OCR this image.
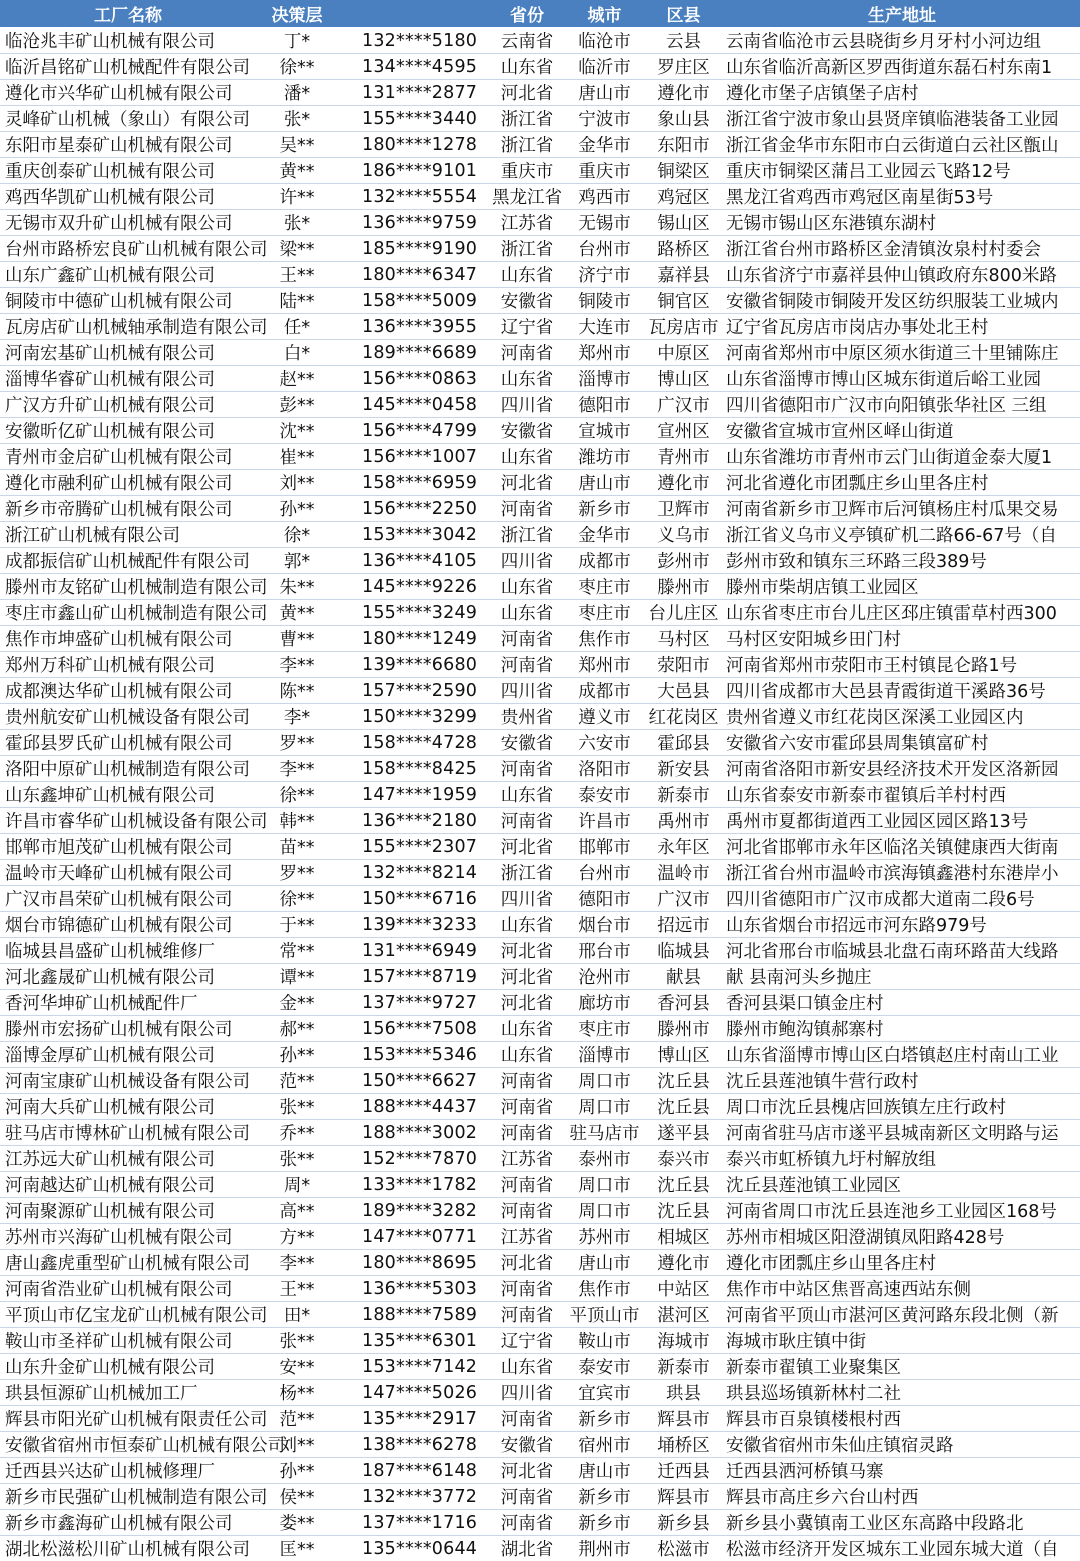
工厂名称	决策层		省份	城市	区县	生产地址
临沧兆丰矿山机械有限公司	丁*	132****5180	云南省	临沧市	云县	云南省临沧市云县晓街乡月牙村小河边组
临沂昌铭矿山机械配件有限公司	徐**	134****4595	山东省	临沂市	罗庄区	山东省临沂高新区罗西街道东磊石村东南1
遵化市兴华矿山机械有限公司	潘*	131****2877	河北省	唐山市	遵化市	遵化市堡子店镇堡子店村
灵峰矿山机械（象山）有限公司	张*	155****3440	浙江省	宁波市	象山县	浙江省宁波市象山县贤庠镇临港装备工业园
东阳市星泰矿山机械有限公司	吴**	180****1278	浙江省	金华市	东阳市	浙江省金华市东阳市白云街道白云社区甑山
重庆创泰矿山机械有限公司	黄**	186****9101	重庆市	重庆市	铜梁区	重庆市铜梁区蒲吕工业园云飞路12号
鸡西华凯矿山机械有限公司	许**	132****5554	黑龙江省	鸡西市	鸡冠区	黑龙江省鸡西市鸡冠区南星街53号
无锡市双升矿山机械有限公司	张*	136****9759	江苏省	无锡市	锡山区	无锡市锡山区东港镇东湖村
台州市路桥宏良矿山机械有限公司	梁**	185****9190	浙江省	台州市	路桥区	浙江省台州市路桥区金清镇汝泉村村委会
山东广鑫矿山机械有限公司	王**	180****6347	山东省	济宁市	嘉祥县	山东省济宁市嘉祥县仲山镇政府东800米路
铜陵市中德矿山机械有限公司	陆**	158****5009	安徽省	铜陵市	铜官区	安徽省铜陵市铜陵开发区纺织服装工业城内
瓦房店矿山机械轴承制造有限公司	任*	136****3955	辽宁省	大连市	瓦房店市	辽宁省瓦房店市岗店办事处北王村
河南宏基矿山机械有限公司	白*	189****6689	河南省	郑州市	中原区	河南省郑州市中原区须水街道三十里铺陈庄
淄博华睿矿山机械有限公司	赵**	156****0863	山东省	淄博市	博山区	山东省淄博市博山区城东街道后峪工业园
广汉方升矿山机械有限公司	彭**	145****0458	四川省	德阳市	广汉市	四川省德阳市广汉市向阳镇张华社区 三组
安徽昕亿矿山机械有限公司	沈**	156****4799	安徽省	宣城市	宣州区	安徽省宣城市宣州区峄山街道
青州市金启矿山机械有限公司	崔**	156****1007	山东省	潍坊市	青州市	山东省潍坊市青州市云门山街道金泰大厦1
遵化市融利矿山机械有限公司	刘**	158****6959	河北省	唐山市	遵化市	河北省遵化市团瓢庄乡山里各庄村
新乡市帝腾矿山机械有限公司	孙**	156****2250	河南省	新乡市	卫辉市	河南省新乡市卫辉市后河镇杨庄村瓜果交易
浙江矿山机械有限公司	徐*	153****3042	浙江省	金华市	义乌市	浙江省义乌市义亭镇矿机二路66-67号（自
成都振信矿山机械配件有限公司	郭*	136****4105	四川省	成都市	彭州市	彭州市致和镇东三环路三段389号
滕州市友铭矿山机械制造有限公司	朱**	145****9226	山东省	枣庄市	滕州市	滕州市柴胡店镇工业园区
枣庄市鑫山矿山机械制造有限公司	黄**	155****3249	山东省	枣庄市	台儿庄区	山东省枣庄市台儿庄区邳庄镇雷草村西300
焦作市坤盛矿山机械有限公司	曹**	180****1249	河南省	焦作市	马村区	马村区安阳城乡田门村
郑州万科矿山机械有限公司	李**	139****6680	河南省	郑州市	荥阳市	河南省郑州市荥阳市王村镇昆仑路1号
成都澳达华矿山机械有限公司	陈**	157****2590	四川省	成都市	大邑县	四川省成都市大邑县青霞街道干溪路36号
贵州航安矿山机械设备有限公司	李*	150****3299	贵州省	遵义市	红花岗区	贵州省遵义市红花岗区深溪工业园区内
霍邱县罗氏矿山机械有限公司	罗**	158****4728	安徽省	六安市	霍邱县	安徽省六安市霍邱县周集镇富矿村
洛阳中原矿山机械制造有限公司	李**	158****8425	河南省	洛阳市	新安县	河南省洛阳市新安县经济技术开发区洛新园
山东鑫坤矿山机械有限公司	徐**	147****1959	山东省	泰安市	新泰市	山东省泰安市新泰市翟镇后羊村村西
许昌市睿华矿山机械设备有限公司	韩**	136****2180	河南省	许昌市	禹州市	禹州市夏都街道西工业园区园区路13号
邯郸市旭茂矿山机械有限公司	苗**	155****2307	河北省	邯郸市	永年区	河北省邯郸市永年区临洺关镇健康西大街南
温岭市天峰矿山机械有限公司	罗**	132****8214	浙江省	台州市	温岭市	浙江省台州市温岭市滨海镇鑫港村东港岸小
广汉市昌荣矿山机械有限公司	徐**	150****6716	四川省	德阳市	广汉市	四川省德阳市广汉市成都大道南二段6号
烟台市锦德矿山机械有限公司	于**	139****3233	山东省	烟台市	招远市	山东省烟台市招远市河东路979号
临城县昌盛矿山机械维修厂	常**	131****6949	河北省	邢台市	临城县	河北省邢台市临城县北盘石南环路苗大线路
河北鑫晟矿山机械有限公司	谭**	157****8719	河北省	沧州市	献县	献 县南河头乡抛庄
香河华坤矿山机械配件厂	金**	137****9727	河北省	廊坊市	香河县	香河县渠口镇金庄村
滕州市宏扬矿山机械有限公司	郝**	156****7508	山东省	枣庄市	滕州市	滕州市鲍沟镇郝寨村
淄博金厚矿山机械有限公司	孙**	153****5346	山东省	淄博市	博山区	山东省淄博市博山区白塔镇赵庄村南山工业
河南宝康矿山机械设备有限公司	范**	150****6627	河南省	周口市	沈丘县	沈丘县莲池镇牛营行政村
河南大兵矿山机械有限公司	张**	188****4437	河南省	周口市	沈丘县	周口市沈丘县槐店回族镇左庄行政村
驻马店市博林矿山机械有限公司	乔**	188****3002	河南省	驻马店市	遂平县	河南省驻马店市遂平县城南新区文明路与运
江苏远大矿山机械有限公司	张**	152****7870	江苏省	泰州市	泰兴市	泰兴市虹桥镇九圩村解放组
河南越达矿山机械有限公司	周*	133****1782	河南省	周口市	沈丘县	沈丘县莲池镇工业园区
河南聚源矿山机械有限公司	高**	189****3282	河南省	周口市	沈丘县	河南省周口市沈丘县连池乡工业园区168号
苏州市兴海矿山机械有限公司	方**	147****0771	江苏省	苏州市	相城区	苏州市相城区阳澄湖镇凤阳路428号
唐山鑫虎重型矿山机械有限公司	李**	180****8695	河北省	唐山市	遵化市	遵化市团瓢庄乡山里各庄村
河南省浩业矿山机械有限公司	王**	136****5303	河南省	焦作市	中站区	焦作市中站区焦晋高速西站东侧
平顶山市亿宝龙矿山机械有限公司	田*	188****7589	河南省	平顶山市	湛河区	河南省平顶山市湛河区黄河路东段北侧（新
鞍山市圣祥矿山机械有限公司	张**	135****6301	辽宁省	鞍山市	海城市	海城市耿庄镇中街
山东升金矿山机械有限公司	安**	153****7142	山东省	泰安市	新泰市	新泰市翟镇工业聚集区
珙县恒源矿山机械加工厂	杨**	147****5026	四川省	宜宾市	珙县	珙县巡场镇新林村二社
辉县市阳光矿山机械有限责任公司	范**	135****2917	河南省	新乡市	辉县市	辉县市百泉镇楼根村西
安徽省宿州市恒泰矿山机械有限公司	刘**	138****6278	安徽省	宿州市	埇桥区	安徽省宿州市朱仙庄镇宿灵路
迁西县兴达矿山机械修理厂	孙**	187****6148	河北省	唐山市	迁西县	迁西县洒河桥镇马寨
新乡市民强矿山机械制造有限公司	侯**	132****3772	河南省	新乡市	辉县市	辉县市高庄乡六台山村西
新乡市鑫海矿山机械有限公司	娄**	137****1716	河南省	新乡市	新乡县	新乡县小冀镇南工业区东高路中段路北
湖北松滋松川矿山机械有限公司	匡**	135****0644	湖北省	荆州市	松滋市	松滋市经济开发区城东工业园东城大道（自
